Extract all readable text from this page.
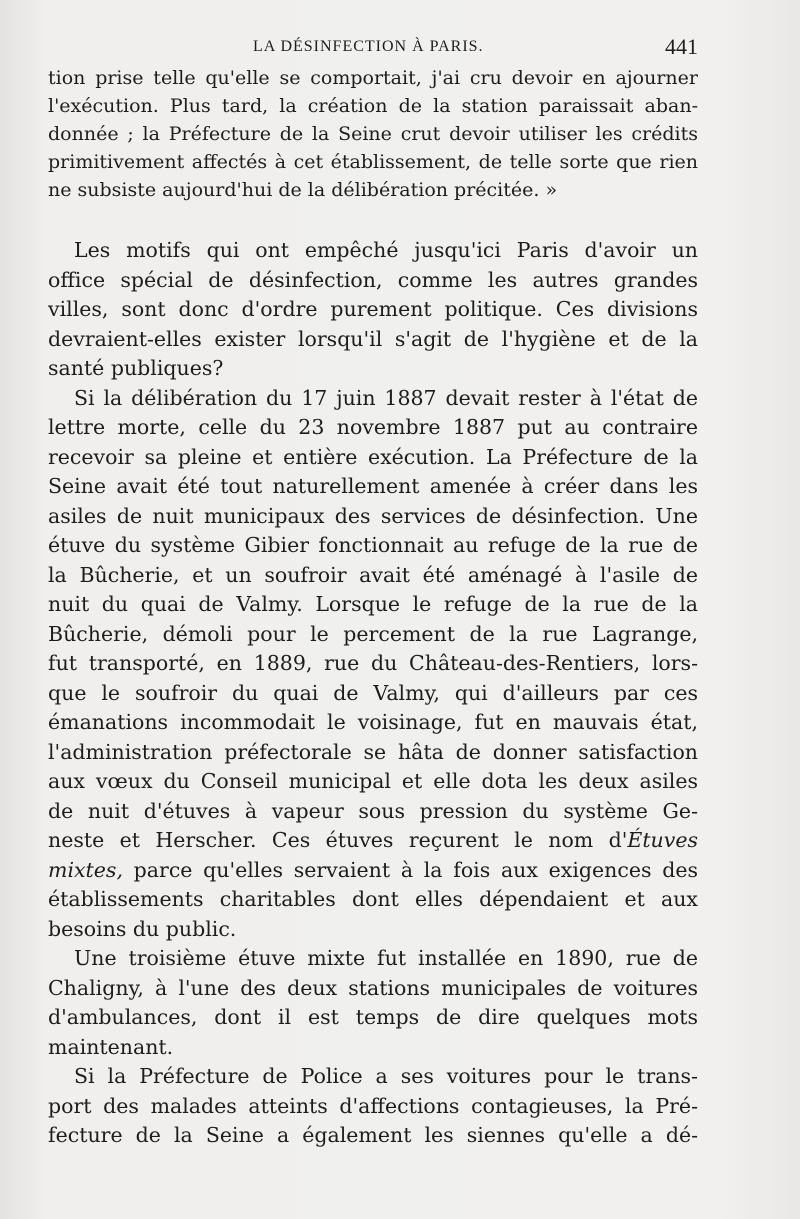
LA DÉSINFECTION À PARIS.	441
tion prise telle qu'elle se comportait, j'ai cru devoir en ajourner
l'exécution. Plus tard, la création de la station paraissait aban-
donnée ; la Préfecture de la Seine crut devoir utiliser les crédits
primitivement affectés à cet établissement, de telle sorte que rien
ne subsiste aujourd'hui de la délibération précitée. »
Les motifs qui ont empêché jusqu'ici Paris d'avoir un
office spécial de désinfection, comme les autres grandes
villes, sont donc d'ordre purement politique. Ces divisions
devraient-elles exister lorsqu'il s'agit de l'hygiène et de la
santé publiques?
Si la délibération du 17 juin 1887 devait rester à l'état de
lettre morte, celle du 23 novembre 1887 put au contraire
recevoir sa pleine et entière exécution. La Préfecture de la
Seine avait été tout naturellement amenée à créer dans les
asiles de nuit municipaux des services de désinfection. Une
étuve du système Gibier fonctionnait au refuge de la rue de
la Bûcherie, et un soufroir avait été aménagé à l'asile de
nuit du quai de Valmy. Lorsque le refuge de la rue de la
Bûcherie, démoli pour le percement de la rue Lagrange,
fut transporté, en 1889, rue du Château-des-Rentiers, lors-
que le soufroir du quai de Valmy, qui d'ailleurs par ces
émanations incommodait le voisinage, fut en mauvais état,
l'administration préfectorale se hâta de donner satisfaction
aux vœux du Conseil municipal et elle dota les deux asiles
de nuit d'étuves à vapeur sous pression du système Ge-
neste et Herscher. Ces étuves reçurent le nom d'Étuves
mixtes, parce qu'elles servaient à la fois aux exigences des
établissements charitables dont elles dépendaient et aux
besoins du public.
Une troisième étuve mixte fut installée en 1890, rue de
Chaligny, à l'une des deux stations municipales de voitures
d'ambulances, dont il est temps de dire quelques mots
maintenant.
Si la Préfecture de Police a ses voitures pour le trans-
port des malades atteints d'affections contagieuses, la Pré-
fecture de la Seine a également les siennes qu'elle a dé-
